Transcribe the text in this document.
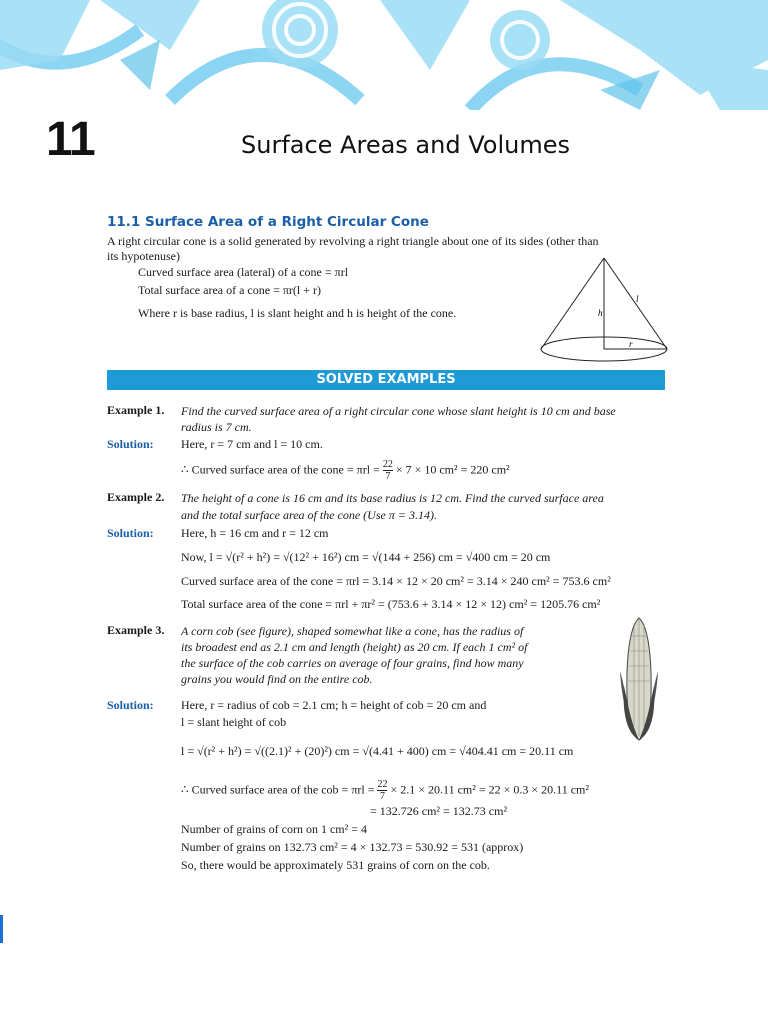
11	Surface Areas and Volumes
11.1 Surface Area of a Right Circular Cone
A right circular cone is a solid generated by revolving a right triangle about one of its sides (other than
its hypotenuse)
Curved surface area (lateral) of a cone = πrl
Total surface area of a cone = πr(l + r)
Where r is base radius, l is slant height and h is height of the cone.	h
l
r
SOLVED EXAMPLES
Example 1. Find the curved surface area of a right circular cone whose slant height is 10 cm and base
radius is 7 cm.
Solution: Here, r = 7 cm and l = 10 cm.
∴ Curved surface area of the cone = $\pi rl = \frac{22}{7} \times 7 \times 10$ cm² = 220 cm²
Example 2. The height of a cone is 16 cm and its base radius is 12 cm. Find the curved surface area
and the total surface area of the cone (Use π = 3.14).
Solution: Here, h = 16 cm and r = 12 cm
Now, l = √(r² + h²) = √(12² + 16²) cm = √(144 + 256) cm = √400 cm = 20 cm
Curved surface area of the cone = πrl = 3.14 × 12 × 20 cm² = 3.14 × 240 cm² = 753.6 cm²
Total surface area of the cone = πrl + πr² = (753.6 + 3.14 × 12 × 12) cm² = 1205.76 cm²
Example 3. A corn cob (see figure), shaped somewhat like a cone, has the radius of
its broadest end as 2.1 cm and length (height) as 20 cm. If each 1 cm² of
the surface of the cob carries on average of four grains, find how many
grains you would find on the entire cob.
Solution: Here, r = radius of cob = 2.1 cm; h = height of cob = 20 cm and
l = slant height of cob
l = √(r² + h²) = √((2.1)² + (20)²) cm = √(4.41 + 400) cm = √404.41 cm = 20.11 cm
∴ Curved surface area of the cob = $\pi rl = \frac{22}{7} \times 2.1 \times 20.11$ cm² = 22 × 0.3 × 20.11 cm²
= 132.726 cm² = 132.73 cm²
Number of grains of corn on 1 cm² = 4
Number of grains on 132.73 cm² = 4 × 132.73 = 530.92 = 531 (approx)
So, there would be approximately 531 grains of corn on the cob.
